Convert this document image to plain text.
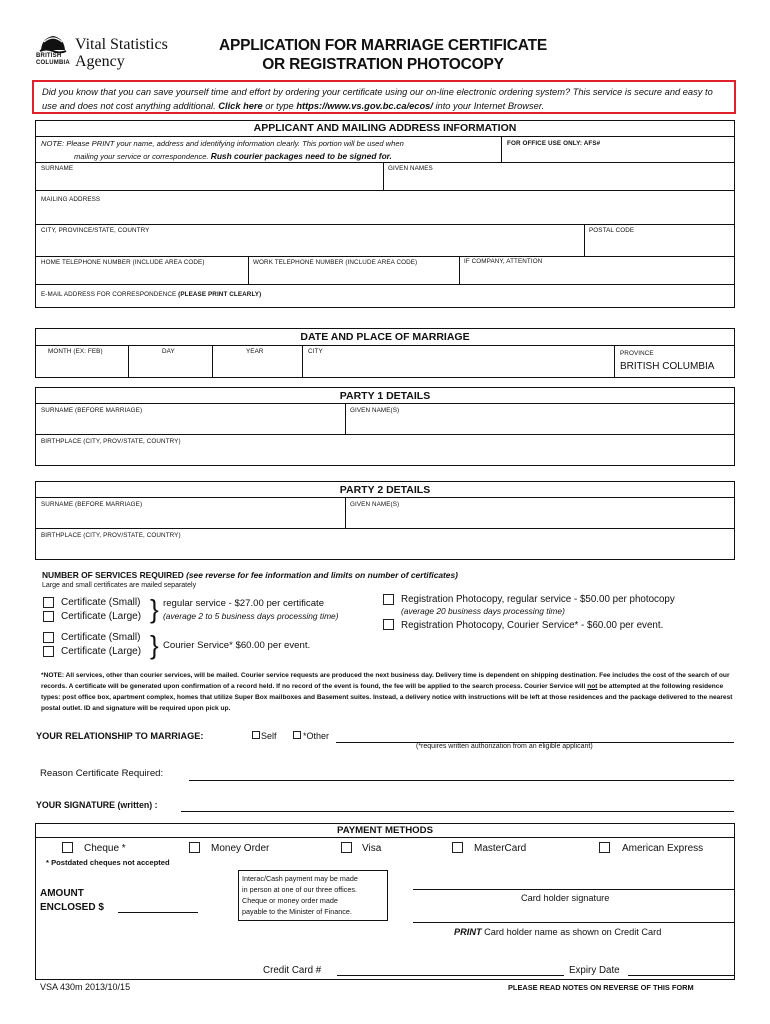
BRITISH
COLUMBIA
Vital Statistics
Agency
APPLICATION FOR MARRIAGE CERTIFICATE
OR REGISTRATION PHOTOCOPY
Did you know that you can save yourself time and effort by ordering your certificate using our on-line electronic ordering system? This service is secure and easy to use and does not cost anything additional. Click here or type https://www.vs.gov.bc.ca/ecos/ into your Internet Browser.
APPLICANT AND MAILING ADDRESS INFORMATION
NOTE: Please PRINT your name, address and identifying information clearly. This portion will be used when
mailing your service or correspondence. Rush courier packages need to be signed for.
FOR OFFICE USE ONLY: AFS#
SURNAME	GIVEN NAMES
MAILING ADDRESS
CITY, PROVINCE/STATE, COUNTRY	POSTAL CODE
HOME TELEPHONE NUMBER (INCLUDE AREA CODE)	WORK TELEPHONE NUMBER (INCLUDE AREA CODE)	IF COMPANY, ATTENTION
E-MAIL ADDRESS FOR CORRESPONDENCE (PLEASE PRINT CLEARLY)
DATE AND PLACE OF MARRIAGE
MONTH (EX: FEB)	DAY	YEAR	CITY	PROVINCE
BRITISH COLUMBIA
PARTY 1 DETAILS
SURNAME (BEFORE MARRIAGE)	GIVEN NAME(S)
BIRTHPLACE (CITY, PROV/STATE, COUNTRY)
PARTY 2 DETAILS
SURNAME (BEFORE MARRIAGE)	GIVEN NAME(S)
BIRTHPLACE (CITY, PROV/STATE, COUNTRY)
NUMBER OF SERVICES REQUIRED (see reverse for fee information and limits on number of certificates)
Large and small certificates are mailed separately
Certificate (Small)
Certificate (Large) } regular service - $27.00 per certificate
(average 2 to 5 business days processing time)
Certificate (Small)
Certificate (Large) } Courier Service* $60.00 per event.
Registration Photocopy, regular service - $50.00 per photocopy
(average 20 business days processing time)
Registration Photocopy, Courier Service* - $60.00 per event.
*NOTE: All services, other than courier services, will be mailed. Courier service requests are produced the next business day. Delivery time is dependent on shipping destination. Fee includes the cost of the search of our records. A certificate will be generated upon confirmation of a record held. If no record of the event is found, the fee will be applied to the search process. Courier Service will not be attempted at the following residence types: post office box, apartment complex, homes that utilize Super Box mailboxes and Basement suites. Instead, a delivery notice with instructions will be left at those residences and the package delivered to the nearest postal outlet. ID and signature will be required upon pick up.
YOUR RELATIONSHIP TO MARRIAGE:	Self	*Other
(*requires written authorization from an eligible applicant)
Reason Certificate Required:
YOUR SIGNATURE (written) :
PAYMENT METHODS
Cheque *	Money Order	Visa	MasterCard	American Express
* Postdated cheques not accepted
AMOUNT
ENCLOSED $
Interac/Cash payment may be made
in person at one of our three offices.
Cheque or money order made
payable to the Minister of Finance.
Card holder signature
PRINT Card holder name as shown on Credit Card
Credit Card #	Expiry Date
VSA 430m 2013/10/15	PLEASE READ NOTES ON REVERSE OF THIS FORM
